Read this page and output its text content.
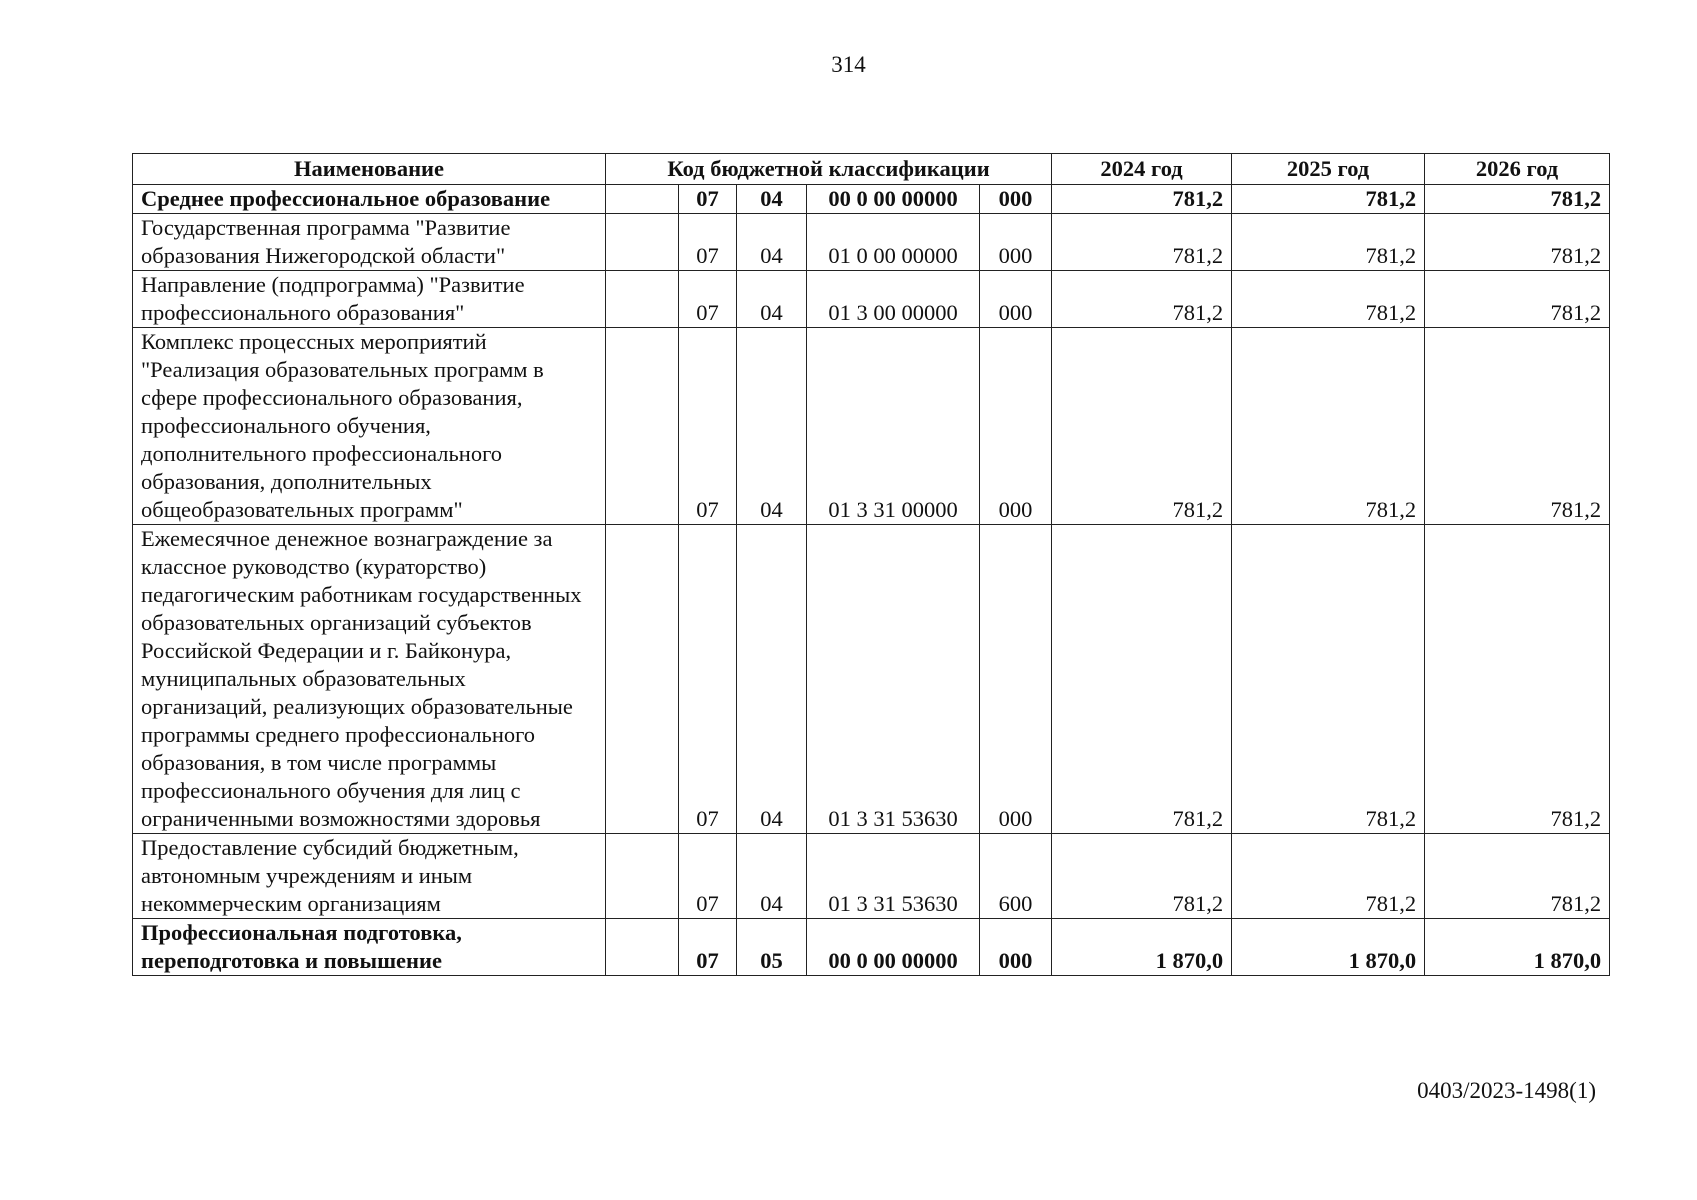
314
Наименование	Код бюджетной классификации					2024 год	2025 год	2026 год
Среднее профессиональное образование		07	04	00 0 00 00000	000	781,2	781,2	781,2
Государственная программа "Развитие образования Нижегородской области"		07	04	01 0 00 00000	000	781,2	781,2	781,2
Направление (подпрограмма) "Развитие профессионального образования"		07	04	01 3 00 00000	000	781,2	781,2	781,2
Комплекс процессных мероприятий "Реализация образовательных программ в сфере профессионального образования, профессионального обучения, дополнительного профессионального образования, дополнительных общеобразовательных программ"		07	04	01 3 31 00000	000	781,2	781,2	781,2
Ежемесячное денежное вознаграждение за классное руководство (кураторство) педагогическим работникам государственных образовательных организаций субъектов Российской Федерации и г. Байконура, муниципальных образовательных организаций, реализующих образовательные программы среднего профессионального образования, в том числе программы профессионального обучения для лиц с ограниченными возможностями здоровья		07	04	01 3 31 53630	000	781,2	781,2	781,2
Предоставление субсидий бюджетным, автономным учреждениям и иным некоммерческим организациям		07	04	01 3 31 53630	600	781,2	781,2	781,2
Профессиональная подготовка, переподготовка и повышение		07	05	00 0 00 00000	000	1 870,0	1 870,0	1 870,0
0403/2023-1498(1)
